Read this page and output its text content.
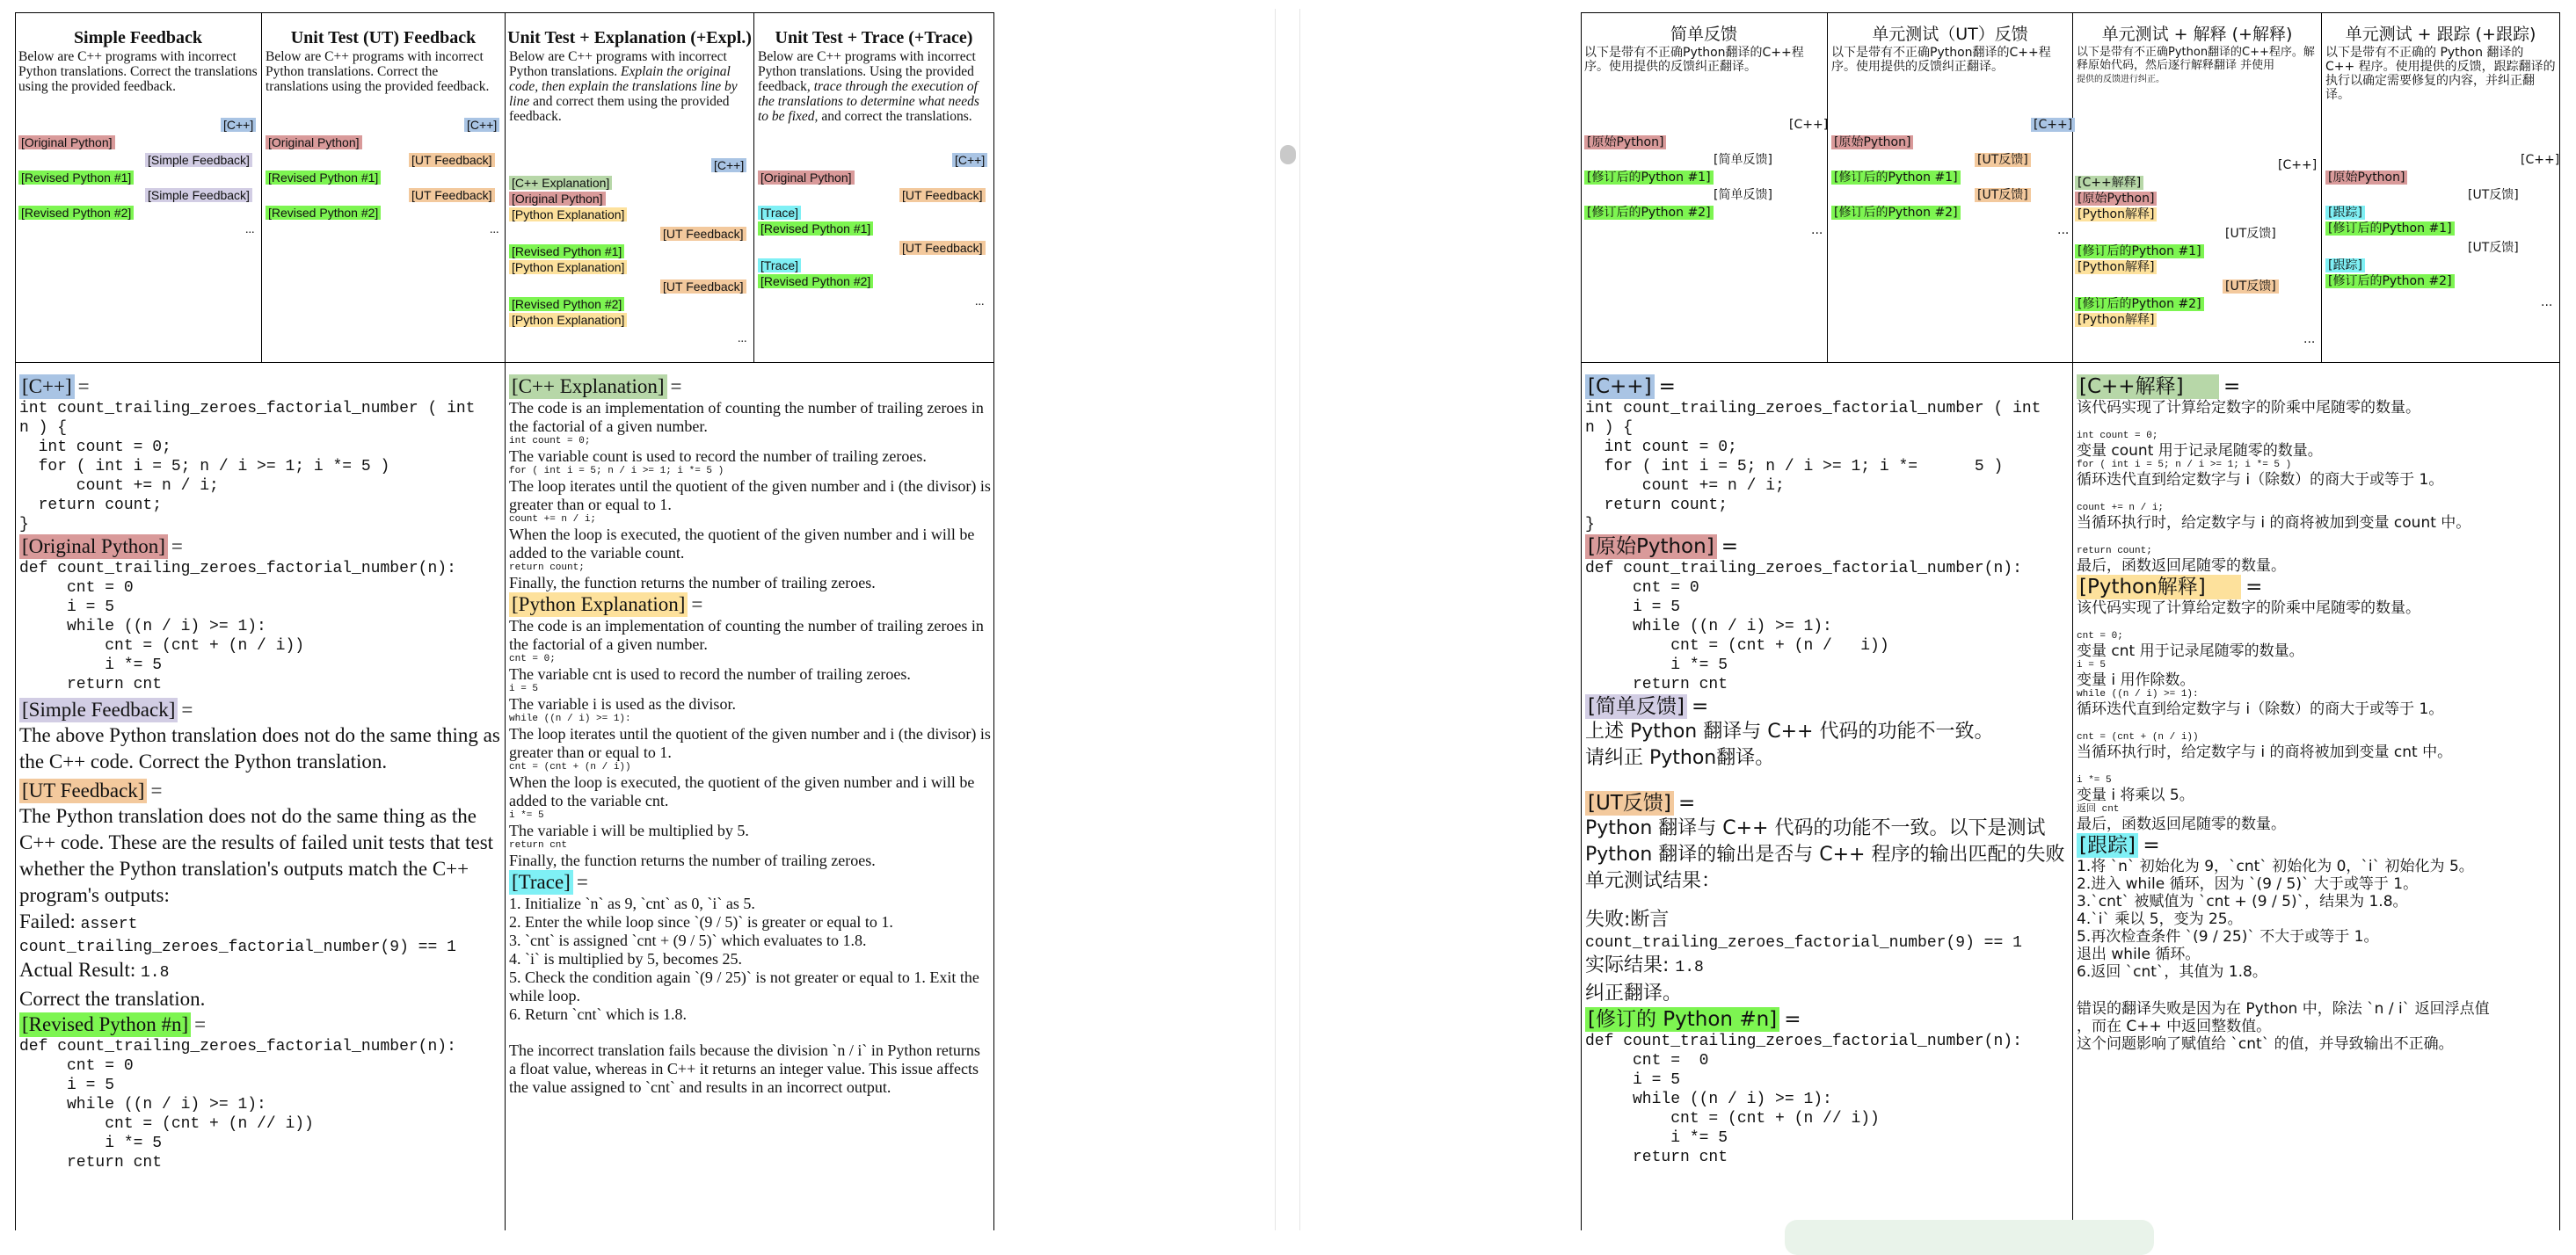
Simple Feedback
Below are C++ programs with incorrect Python translations. Correct the translations using the provided feedback.
[C++]
[Original Python]
[Simple Feedback]
[Revised Python #1]
[Simple Feedback]
[Revised Python #2]
...
Unit Test (UT) Feedback
Below are C++ programs with incorrect Python translations. Correct the translations using the provided feedback.
[C++]
[Original Python]
[UT Feedback]
[Revised Python #1]
[UT Feedback]
[Revised Python #2]
...
Unit Test + Explanation (+Expl.)
Below are C++ programs with incorrect Python translations. Explain the original code, then explain the translations line by line and correct them using the provided feedback.
[C++]
[C++ Explanation]
[Original Python]
[Python Explanation]
[UT Feedback]
[Revised Python #1]
[Python Explanation]
[UT Feedback]
[Revised Python #2]
[Python Explanation]
...
Unit Test + Trace (+Trace)
Below are C++ programs with incorrect Python translations. Using the provided feedback, trace through the execution of the translations to determine what needs to be fixed, and correct the translations.
[C++]
[Original Python]
[UT Feedback]
[Trace]
[Revised Python #1]
[UT Feedback]
[Trace]
[Revised Python #2]
...
[C++] =
int count_trailing_zeroes_factorial_number ( int
n ) {
int count = 0;
for ( int i = 5; n / i >= 1; i *= 5 )
count += n / i;
return count;
}
[Original Python] =
def count_trailing_zeroes_factorial_number(n):
cnt = 0
i = 5
while ((n / i) >= 1):
cnt = (cnt + (n / i))
i *= 5
return cnt
[Simple Feedback] =
The above Python translation does not do the same thing as the C++ code. Correct the Python translation.
[UT Feedback] =
The Python translation does not do the same thing as the C++ code. These are the results of failed unit tests that test whether the Python translation's outputs match the C++ program's outputs:
Failed: assert
count_trailing_zeroes_factorial_number(9) == 1
Actual Result: 1.8
Correct the translation.
[Revised Python #n] =
def count_trailing_zeroes_factorial_number(n):
cnt = 0
i = 5
while ((n / i) >= 1):
cnt = (cnt + (n // i))
i *= 5
return cnt
[C++ Explanation] =
The code is an implementation of counting the number of trailing zeroes in the factorial of a given number.
int count = 0;
The variable count is used to record the number of trailing zeroes.
for ( int i = 5; n / i >= 1; i *= 5 )
The loop iterates until the quotient of the given number and i (the divisor) is greater than or equal to 1.
count += n / i;
When the loop is executed, the quotient of the given number and i will be added to the variable count.
return count;
Finally, the function returns the number of trailing zeroes.
[Python Explanation] =
The code is an implementation of counting the number of trailing zeroes in the factorial of a given number.
cnt = 0;
The variable cnt is used to record the number of trailing zeroes.
i = 5
The variable i is used as the divisor.
while ((n / i) >= 1):
The loop iterates until the quotient of the given number and i (the divisor) is greater than or equal to 1.
cnt = (cnt + (n / i))
When the loop is executed, the quotient of the given number and i will be added to the variable cnt.
i *= 5
The variable i will be multiplied by 5.
return cnt
Finally, the function returns the number of trailing zeroes.
[Trace] =
1. Initialize `n` as 9, `cnt` as 0, `i` as 5.
2. Enter the while loop since `(9 / 5)` is greater or equal to 1.
3. `cnt` is assigned `cnt + (9 / 5)` which evaluates to 1.8.
4. `i` is multiplied by 5, becomes 25.
5. Check the condition again `(9 / 25)` is not greater or equal to 1. Exit the while loop.
6. Return `cnt` which is 1.8.
The incorrect translation fails because the division `n / i` in Python returns a float value, whereas in C++ it returns an integer value. This issue affects the value assigned to `cnt` and results in an incorrect output.
简单反馈
以下是带有不正确Python翻译的C++程序。使用提供的反馈纠正翻译。
[C++]
[原始Python]
[简单反馈]
[修订后的Python #1]
[简单反馈]
[修订后的Python #2]
...
单元测试（UT）反馈
以下是带有不正确Python翻译的C++程序。使用提供的反馈纠正翻译。
[C++]
[原始Python]
[UT反馈]
[修订后的Python #1]
[UT反馈]
[修订后的Python #2]
...
单元测试 + 解释 (+解释)
以下是带有不正确Python翻译的C++程序。解释原始代码，然后逐行解释翻译 并使用
提供的反馈进行纠正。
[C++]
[C++解释]
[原始Python]
[Python解释]
[UT反馈]
[修订后的Python #1]
[Python解释]
[UT反馈]
[修订后的Python #2]
[Python解释]
...
单元测试 + 跟踪 (+跟踪)
以下是带有不正确的 Python 翻译的 C++ 程序。使用提供的反馈，跟踪翻译的执行以确定需要修复的内容，并纠正翻译。
[C++]
[原始Python]
[UT反馈]
[跟踪]
[修订后的Python #1]
[UT反馈]
[跟踪]
[修订后的Python #2]
...
[C++] =
int count_trailing_zeroes_factorial_number ( int
n ) {
int count = 0;
for ( int i = 5; n / i >= 1; i *=      5 )
count += n / i;
return count;
}
[原始Python] =
def count_trailing_zeroes_factorial_number(n):
cnt = 0
i = 5
while ((n / i) >= 1):
cnt = (cnt + (n /   i))
i *= 5
return cnt
[简单反馈] =
上述 Python 翻译与 C++ 代码的功能不一致。请纠正 Python翻译。
[UT反馈] =
Python 翻译与 C++ 代码的功能不一致。以下是测试 Python 翻译的输出是否与 C++ 程序的输出匹配的失败单元测试结果：
失败:断言
count_trailing_zeroes_factorial_number(9) == 1
实际结果: 1.8
纠正翻译。
[修订的 Python #n] =
def count_trailing_zeroes_factorial_number(n):
cnt =  0
i = 5
while ((n / i) >= 1):
cnt = (cnt + (n // i))
i *= 5
return cnt
[C++解释] =
该代码实现了计算给定数字的阶乘中尾随零的数量。
int count = 0;
变量 count 用于记录尾随零的数量。
for ( int i = 5; n / i >= 1; i *= 5 )
循环迭代直到给定数字与 i（除数）的商大于或等于 1。
count += n / i;
当循环执行时，给定数字与 i 的商将被加到变量 count 中。
return count;
最后，函数返回尾随零的数量。
[Python解释] =
该代码实现了计算给定数字的阶乘中尾随零的数量。
cnt = 0;
变量 cnt 用于记录尾随零的数量。
i = 5
变量 i 用作除数。
while ((n / i) >= 1):
循环迭代直到给定数字与 i（除数）的商大于或等于 1。
cnt = (cnt + (n / i))
当循环执行时，给定数字与 i 的商将被加到变量 cnt 中。
i *= 5
变量 i 将乘以 5。
返回 cnt
最后，函数返回尾随零的数量。
[跟踪] =
1.将 `n` 初始化为 9，`cnt` 初始化为 0，`i` 初始化为 5。
2.进入 while 循环，因为 `(9 / 5)` 大于或等于 1。
3.`cnt` 被赋值为 `cnt + (9 / 5)`，结果为 1.8。
4.`i` 乘以 5，变为 25。
5.再次检查条件 `(9 / 25)` 不大于或等于 1。
退出 while 循环。
6.返回 `cnt`，其值为 1.8。
错误的翻译失败是因为在 Python 中，除法 `n / i` 返回浮点值
，而在 C++ 中返回整数值。
这个问题影响了赋值给 `cnt` 的值，并导致输出不正确。
